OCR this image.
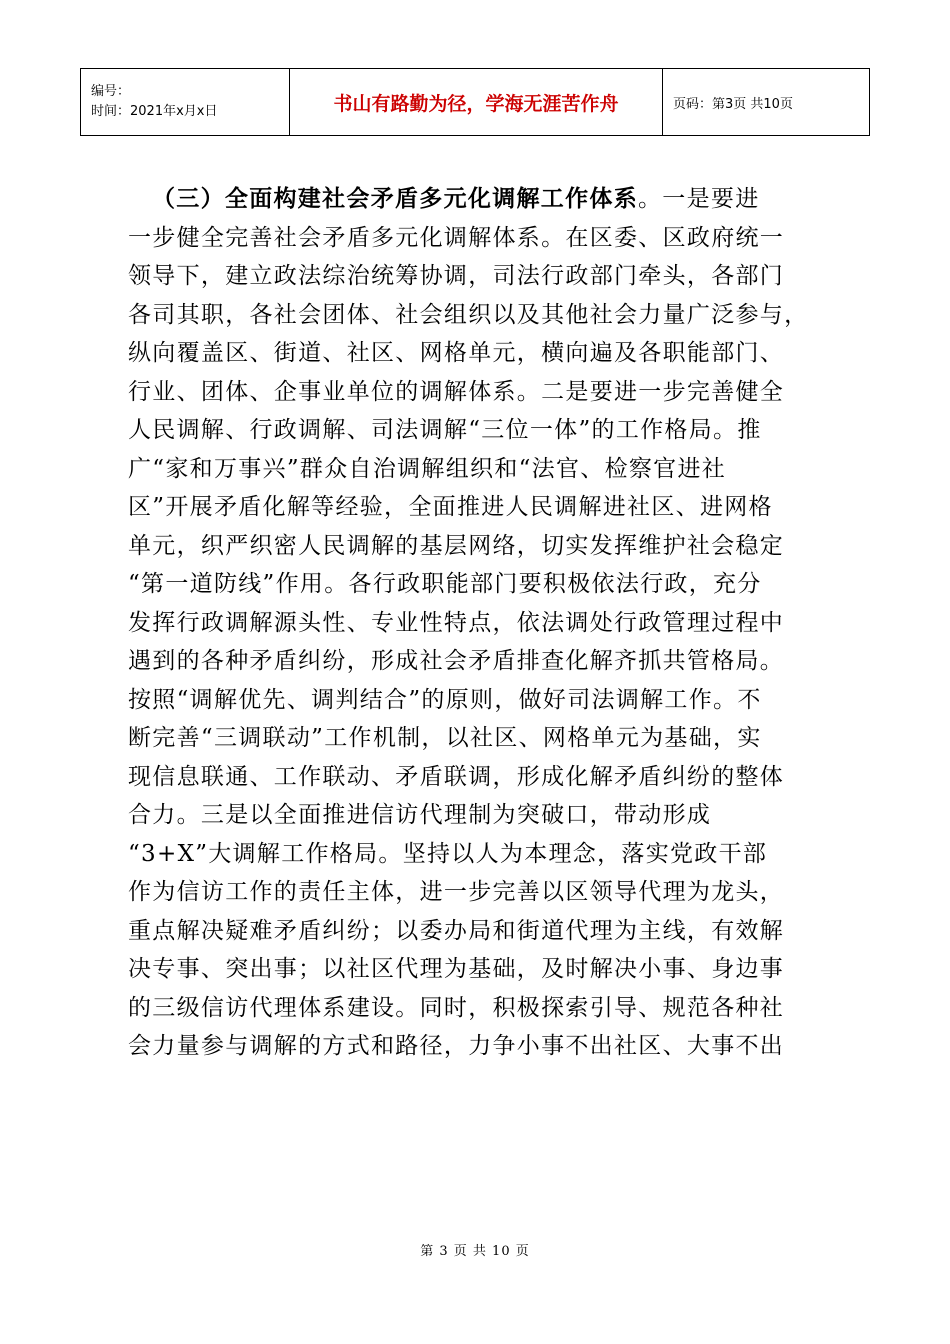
编号：
时间：2021年x月x日	书山有路勤为径，学海无涯苦作舟	页码：第3页 共10页
（三）全面构建社会矛盾多元化调解工作体系。一是要进
一步健全完善社会矛盾多元化调解体系。在区委、区政府统一
领导下，建立政法综治统筹协调，司法行政部门牵头，各部门
各司其职，各社会团体、社会组织以及其他社会力量广泛参与，
纵向覆盖区、街道、社区、网格单元，横向遍及各职能部门、
行业、团体、企事业单位的调解体系。二是要进一步完善健全
人民调解、行政调解、司法调解“三位一体”的工作格局。推
广“家和万事兴”群众自治调解组织和“法官、检察官进社
区”开展矛盾化解等经验，全面推进人民调解进社区、进网格
单元，织严织密人民调解的基层网络，切实发挥维护社会稳定
“第一道防线”作用。各行政职能部门要积极依法行政，充分
发挥行政调解源头性、专业性特点，依法调处行政管理过程中
遇到的各种矛盾纠纷，形成社会矛盾排查化解齐抓共管格局。
按照“调解优先、调判结合”的原则，做好司法调解工作。不
断完善“三调联动”工作机制，以社区、网格单元为基础，实
现信息联通、工作联动、矛盾联调，形成化解矛盾纠纷的整体
合力。三是以全面推进信访代理制为突破口，带动形成
“3+X”大调解工作格局。坚持以人为本理念，落实党政干部
作为信访工作的责任主体，进一步完善以区领导代理为龙头，
重点解决疑难矛盾纠纷；以委办局和街道代理为主线，有效解
决专事、突出事；以社区代理为基础，及时解决小事、身边事
的三级信访代理体系建设。同时，积极探索引导、规范各种社
会力量参与调解的方式和路径，力争小事不出社区、大事不出
第 3 页 共 10 页
